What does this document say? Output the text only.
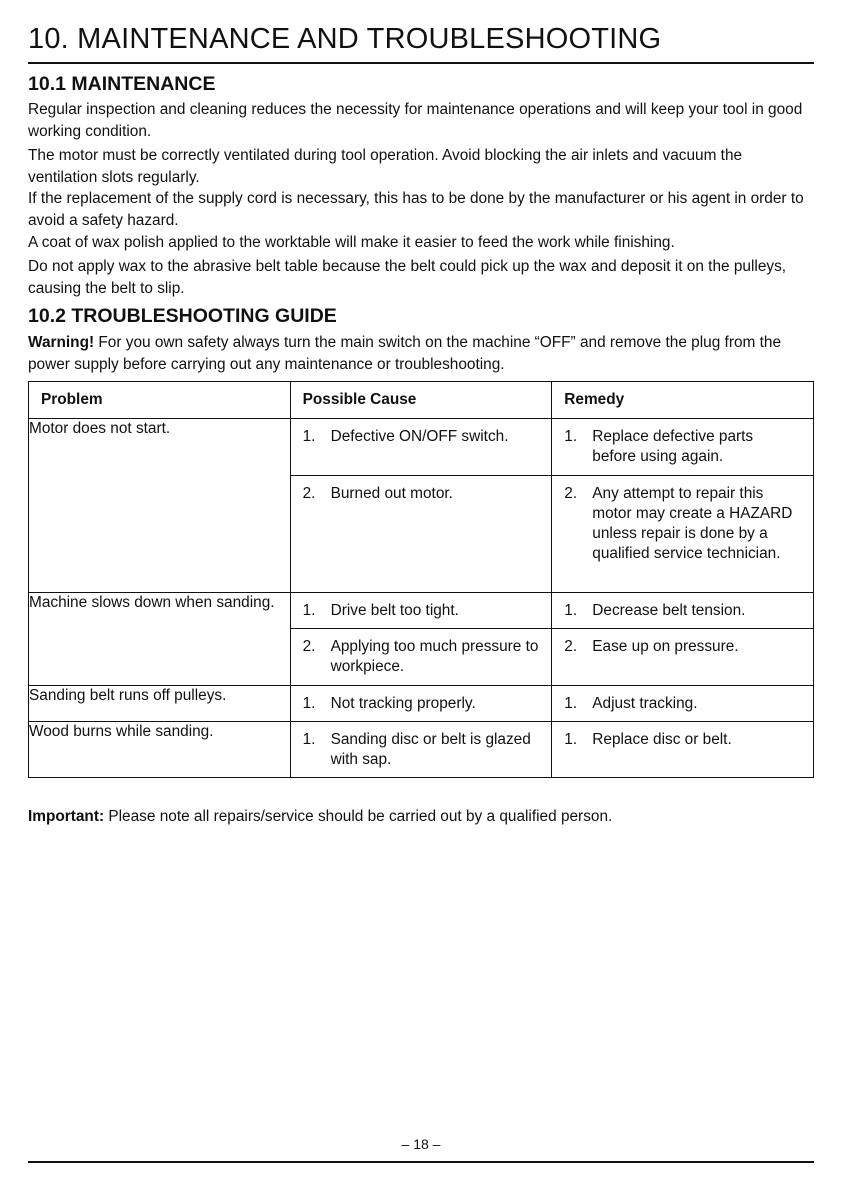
10. MAINTENANCE AND TROUBLESHOOTING
10.1 MAINTENANCE

Regular inspection and cleaning reduces the necessity for maintenance operations and will keep your tool in good working condition.

The motor must be correctly ventilated during tool operation. Avoid blocking the air inlets and vacuum the ventilation slots regularly.

If the replacement of the supply cord is necessary, this has to be done by the manufacturer or his agent in order to avoid a safety hazard.

A coat of wax polish applied to the worktable will make it easier to feed the work while finishing.

Do not apply wax to the abrasive belt table because the belt could pick up the wax and deposit it on the pulleys, causing the belt to slip.

10.2 TROUBLESHOOTING GUIDE

Warning! For you own safety always turn the main switch on the machine “OFF” and remove the plug from the power supply before carrying out any maintenance or troubleshooting.

Problem	Possible Cause	Remedy
Motor does not start.	1. Defective ON/OFF switch.	1. Replace defective parts before using again.

	2. Burned out motor.	2. Any attempt to repair this motor may create a HAZARD unless repair is done by a qualified service technician.

Machine slows down when sanding.	1. Drive belt too tight.	1. Decrease belt tension.

	2. Applying too much pressure to workpiece.	2. Ease up on pressure.

Sanding belt runs off pulleys.	1. Not tracking properly.	1. Adjust tracking.

Wood burns while sanding.	1. Sanding disc or belt is glazed with sap.	1. Replace disc or belt.
Important: Please note all repairs/service should be carried out by a qualified person.
– 18 –
